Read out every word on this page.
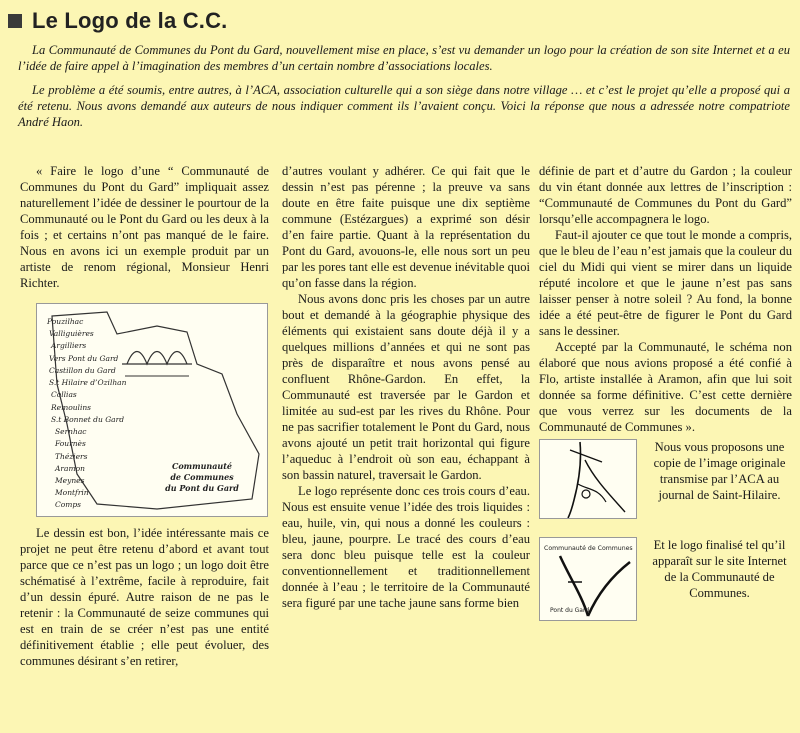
Le Logo de la C.C.

La Communauté de Communes du Pont du Gard, nouvellement mise en place, s’est vu demander un logo pour la création de son site Internet et a eu l’idée de faire appel à l’imagination des membres d’un certain nombre d’associations locales.

Le problème a été soumis, entre autres, à l’ACA, association culturelle qui a son siège dans notre village … et c’est le projet qu’elle a proposé qui a été retenu. Nous avons demandé aux auteurs de nous indiquer comment ils l’avaient conçu. Voici la réponse que nous a adressée notre compatriote André Haon.

« Faire le logo d’une “ Communauté de Communes du Pont du Gard” impliquait assez naturellement l’idée de dessiner le pourtour de la Communauté ou le Pont du Gard ou les deux à la fois ; et certains n’ont pas manqué de le faire. Nous en avons ici un exemple produit par un artiste de renom régional, Monsieur Henri Richter.

Pouzilhac
Valliguières
Argilliers
Vers Pont du Gard
Castillon du Gard
S.t Hilaire d’Ozilhan
Collias
Remoulins
S.t Bonnet du Gard
Sernhac
Fournès
Théziers
Aramon
Meynes
Montfrin
Comps
Communauté
de Communes
du Pont du Gard

Le dessin est bon, l’idée intéressante mais ce projet ne peut être retenu d’abord et avant tout parce que ce n’est pas un logo ; un logo doit être schématisé à l’extrême, facile à reproduire, fait d’un dessin épuré. Autre raison de ne pas le retenir : la Communauté de seize communes qui est en train de se créer n’est pas une entité définitivement établie ; elle peut évoluer, des communes désirant s’en retirer,

d’autres voulant y adhérer. Ce qui fait que le dessin n’est pas pérenne ; la preuve va sans doute en être faite puisque une dix septième commune (Estézargues) a exprimé son désir d’en faire partie. Quant à la représentation du Pont du Gard, avouons-le, elle nous sort un peu par les pores tant elle est devenue inévitable quoi qu’on fasse dans la région.

Nous avons donc pris les choses par un autre bout et demandé à la géographie physique des éléments qui existaient sans doute déjà il y a quelques millions d’années et qui ne sont pas près de disparaître et nous avons pensé au confluent Rhône-Gardon. En effet, la Communauté est traversée par le Gardon et limitée au sud-est par les rives du Rhône. Pour ne pas sacrifier totalement le Pont du Gard, nous avons ajouté un petit trait horizontal qui figure l’aqueduc à l’endroit où son eau, échappant à son bassin naturel, traversait le Gardon.

Le logo représente donc ces trois cours d’eau. Nous est ensuite venue l’idée des trois liquides : eau, huile, vin, qui nous a donné les couleurs : bleu, jaune, pourpre. Le tracé des cours d’eau sera donc bleu puisque telle est la couleur conventionnellement et traditionnellement donnée à l’eau ; le territoire de la Communauté sera figuré par une tache jaune sans forme bien

définie de part et d’autre du Gardon ; la couleur du vin étant donnée aux lettres de l’inscription : “Communauté de Communes du Pont du Gard” lorsqu’elle accompagnera le logo.

Faut-il ajouter ce que tout le monde a compris, que le bleu de l’eau n’est jamais que la couleur du ciel du Midi qui vient se mirer dans un liquide réputé incolore et que le jaune n’est pas sans laisser penser à notre soleil ? Au fond, la bonne idée a été peut-être de figurer le Pont du Gard sans le dessiner.

Accepté par la Communauté, le schéma non élaboré que nous avions proposé a été confié à Flo, artiste installée à Aramon, afin que lui soit donnée sa forme définitive. C’est cette dernière que vous verrez sur les documents de la Communauté de Communes ».

Nous vous proposons une copie de l’image originale transmise par l’ACA au journal de Saint-Hilaire.
Communauté de Communes
Pont du Gard
Et le logo finalisé tel qu’il apparaît sur le site Internet de la Communauté de Communes.
